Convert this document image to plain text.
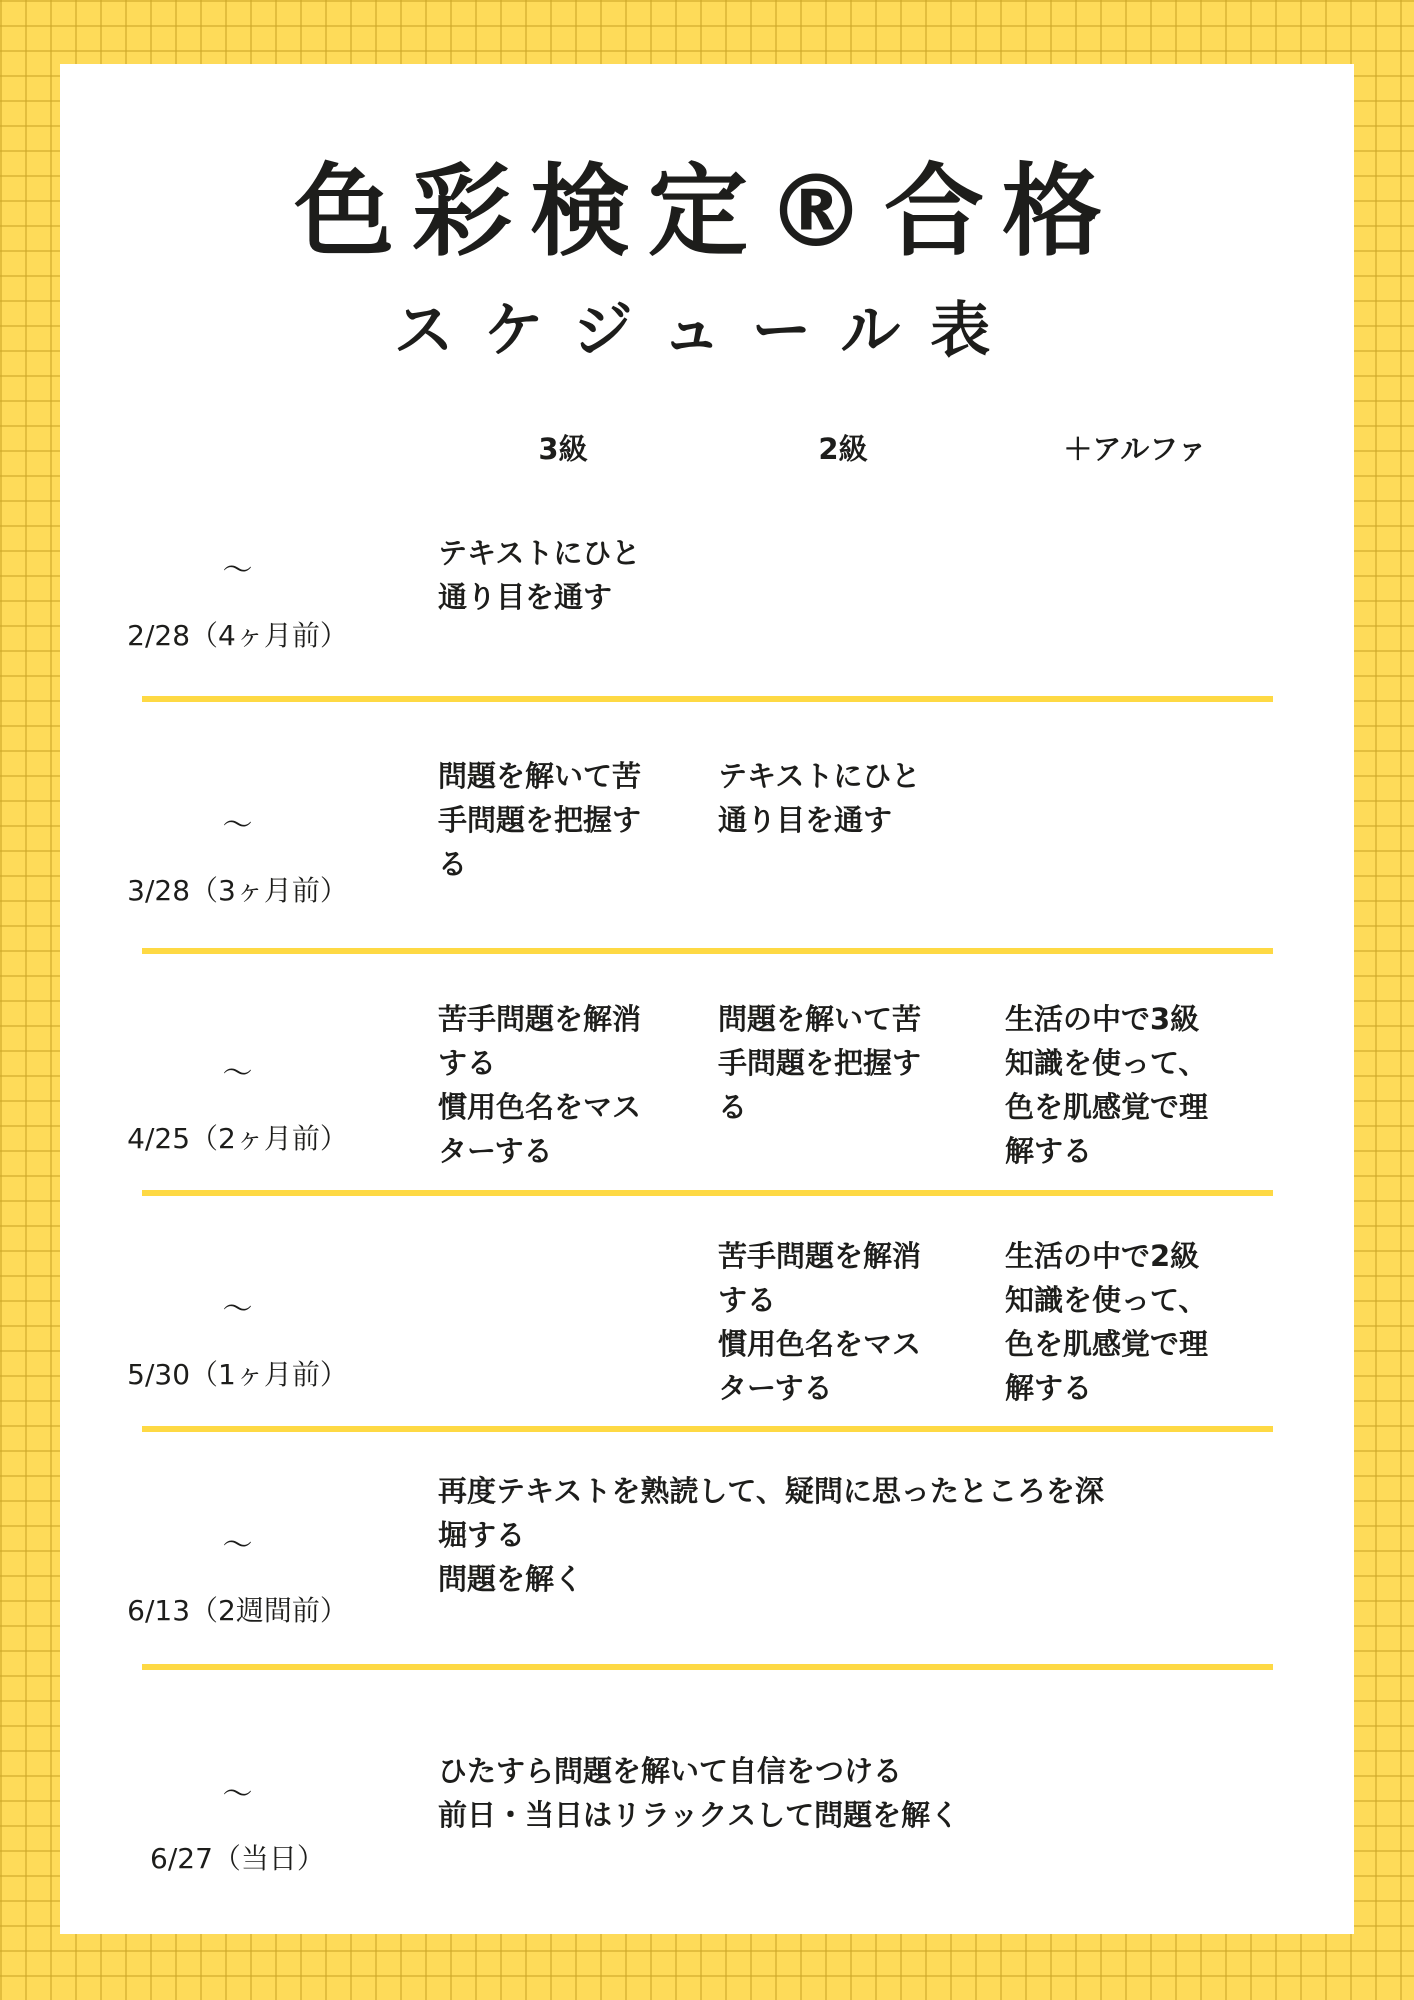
色彩検定®合格
スケジュール表
3級	2級	＋アルファ
～
2/28（4ヶ月前）
テキストにひと
通り目を通す
～
3/28（3ヶ月前）
問題を解いて苦
手問題を把握す
る
テキストにひと
通り目を通す
～
4/25（2ヶ月前）
苦手問題を解消
する
慣用色名をマス
ターする
問題を解いて苦
手問題を把握す
る
生活の中で3級
知識を使って、
色を肌感覚で理
解する
～
5/30（1ヶ月前）
苦手問題を解消
する
慣用色名をマス
ターする
生活の中で2級
知識を使って、
色を肌感覚で理
解する
～
6/13（2週間前）
再度テキストを熟読して、疑問に思ったところを深
堀する
問題を解く
～
6/27（当日）
ひたすら問題を解いて自信をつける
前日・当日はリラックスして問題を解く
